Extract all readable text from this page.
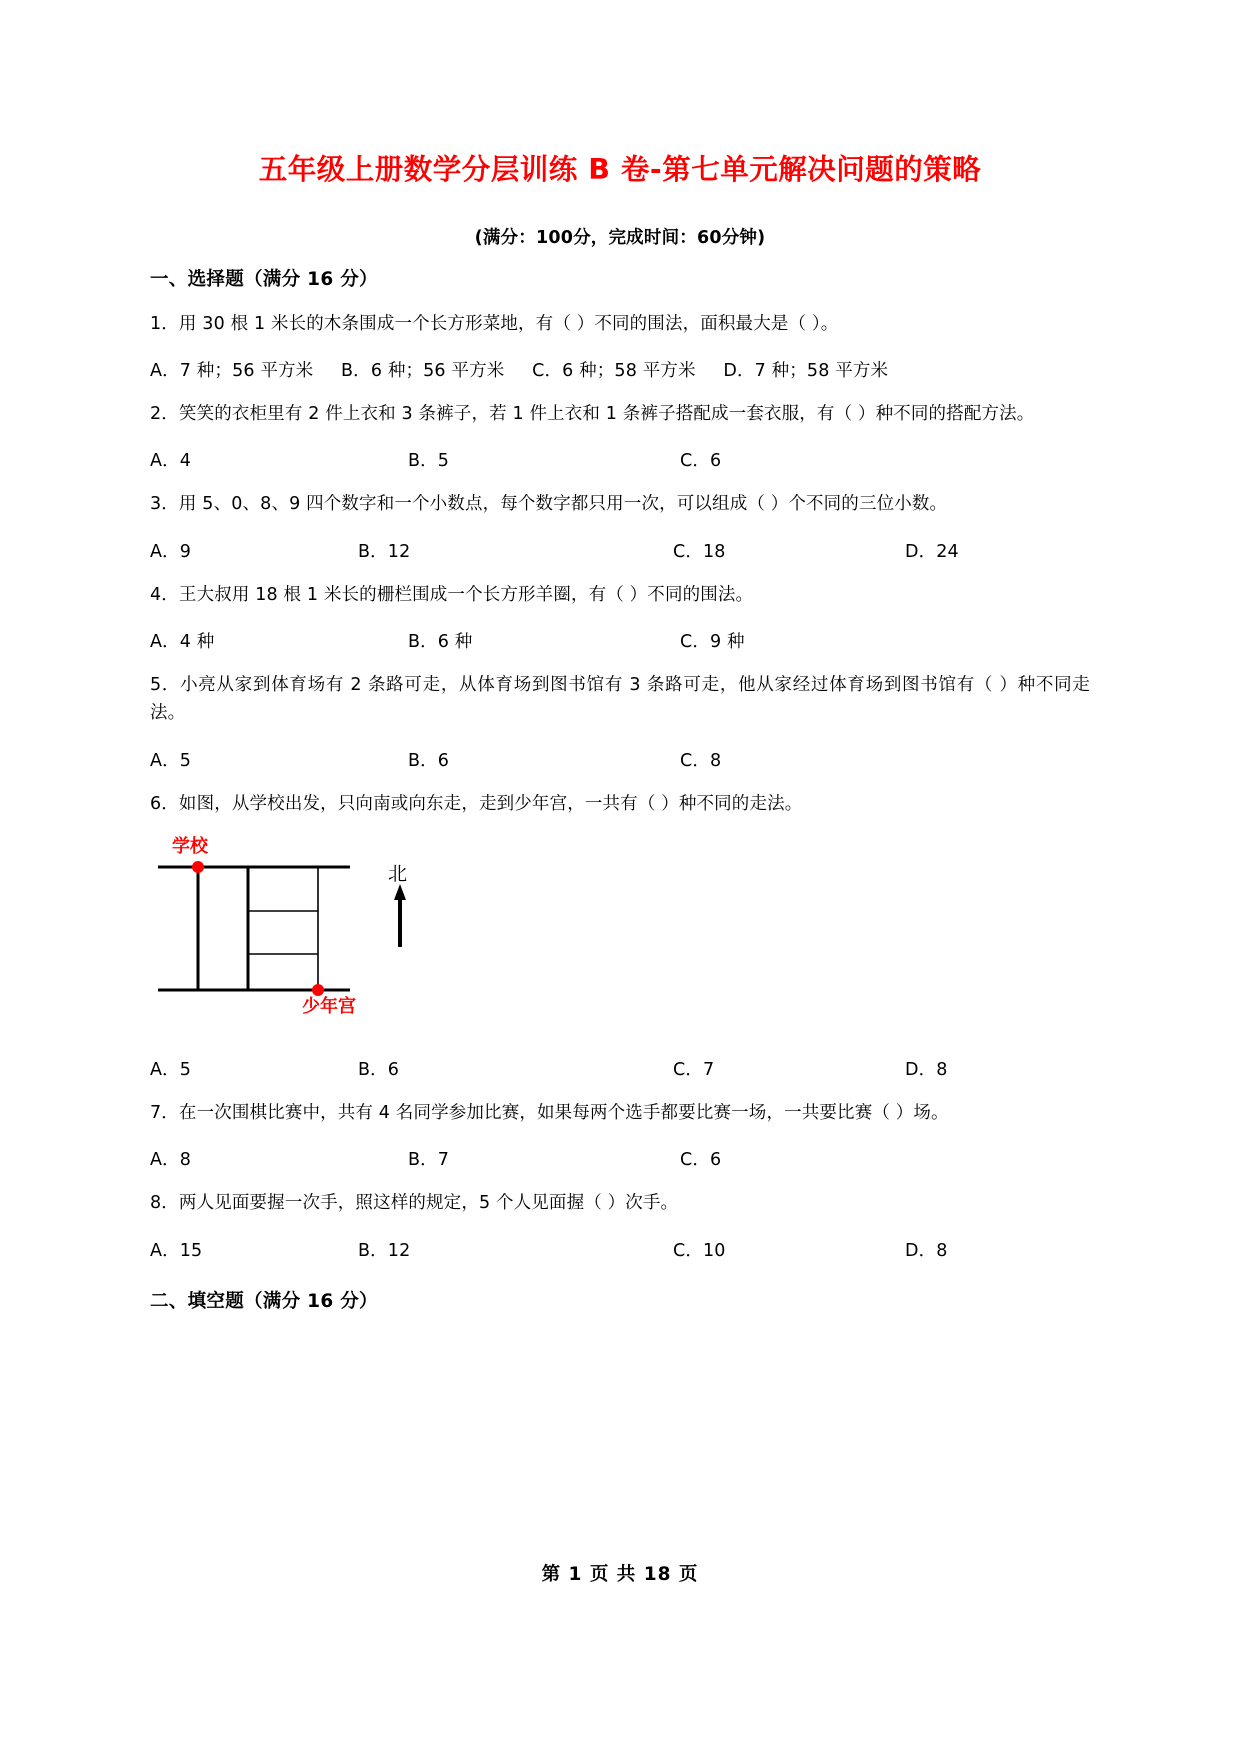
五年级上册数学分层训练 B 卷-第七单元解决问题的策略
(满分：100分，完成时间：60分钟)
一、选择题（满分 16 分）
1．用 30 根 1 米长的木条围成一个长方形菜地，有（ ）不同的围法，面积最大是（ ）。
A．7 种；56 平方米 B．6 种；56 平方米 C．6 种；58 平方米 D．7 种；58 平方米
2．笑笑的衣柜里有 2 件上衣和 3 条裤子，若 1 件上衣和 1 条裤子搭配成一套衣服，有（ ）种不同的搭配方法。
A．4	B．5	C．6
3．用 5、0、8、9 四个数字和一个小数点，每个数字都只用一次，可以组成（ ）个不同的三位小数。
A．9	B．12	C．18	D．24
4．王大叔用 18 根 1 米长的栅栏围成一个长方形羊圈，有（ ）不同的围法。
A．4 种	B．6 种	C．9 种
5．小亮从家到体育场有 2 条路可走，从体育场到图书馆有 3 条路可走，他从家经过体育场到图书馆有（ ）种不同走法。
A．5	B．6	C．8
6．如图，从学校出发，只向南或向东走，走到少年宫，一共有（ ）种不同的走法。
学校
少年宫
北
A．5	B．6	C．7	D．8
7．在一次围棋比赛中，共有 4 名同学参加比赛，如果每两个选手都要比赛一场，一共要比赛（ ）场。
A．8	B．7	C．6
8．两人见面要握一次手，照这样的规定，5 个人见面握（ ）次手。
A．15	B．12	C．10	D．8
二、填空题（满分 16 分）
第 1 页 共 18 页
